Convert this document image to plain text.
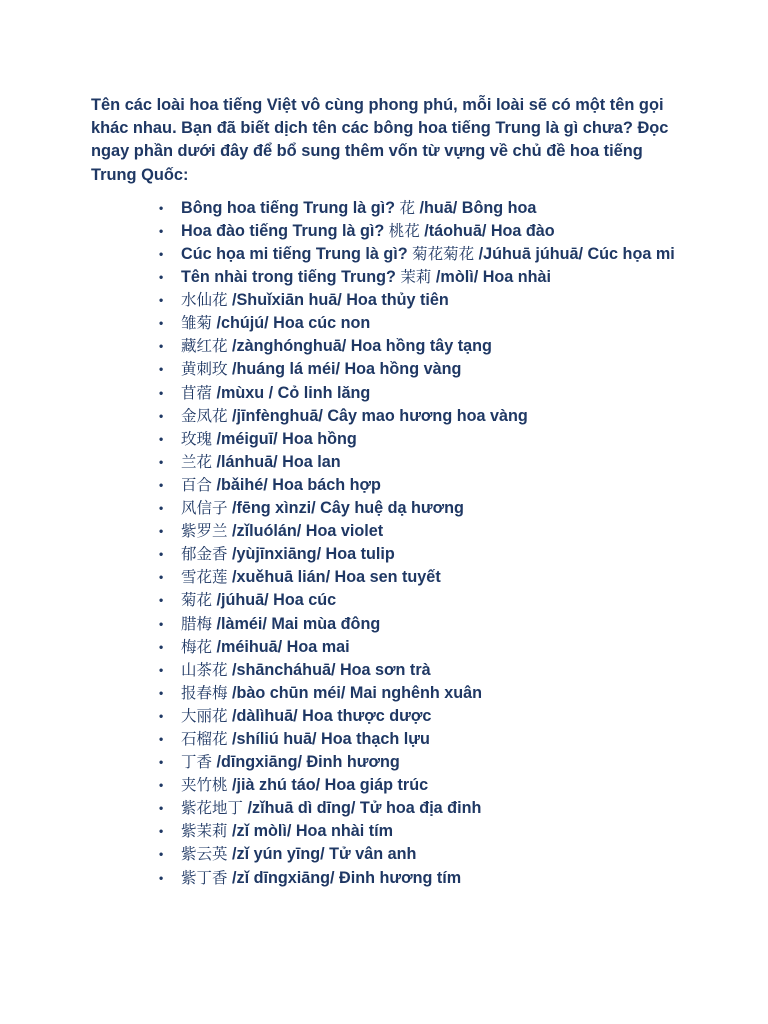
Tên các loài hoa tiếng Việt vô cùng phong phú, mỗi loài sẽ có một tên gọi khác nhau. Bạn đã biết dịch tên các bông hoa tiếng Trung là gì chưa? Đọc ngay phần dưới đây để bổ sung thêm vốn từ vựng về chủ đề hoa tiếng Trung Quốc:

• Bông hoa tiếng Trung là gì? 花 /huā/ Bông hoa
• Hoa đào tiếng Trung là gì? 桃花 /táohuā/ Hoa đào
• Cúc họa mi tiếng Trung là gì? 菊花菊花 /Júhuā júhuā/ Cúc họa mi
• Tên nhài trong tiếng Trung? 茉莉 /mòlì/ Hoa nhài
• 水仙花 /Shuǐxiān huā/ Hoa thủy tiên
• 雏菊 /chújú/ Hoa cúc non
• 藏红花 /zànghónghuā/ Hoa hồng tây tạng
• 黄刺玫 /huáng lá méi/ Hoa hồng vàng
• 苜蓿 /mùxu / Cỏ linh lăng
• 金凤花 /jīnfènghuā/ Cây mao hương hoa vàng
• 玫瑰 /méiguī/ Hoa hồng
• 兰花 /lánhuā/ Hoa lan
• 百合 /bǎihé/ Hoa bách hợp
• 风信子 /fēng xìnzi/ Cây huệ dạ hương
• 紫罗兰 /zǐluólán/ Hoa violet
• 郁金香 /yùjīnxiāng/ Hoa tulip
• 雪花莲 /xuěhuā lián/ Hoa sen tuyết
• 菊花 /júhuā/ Hoa cúc
• 腊梅 /làméi/ Mai mùa đông
• 梅花 /méihuā/ Hoa mai
• 山茶花 /shāncháhuā/ Hoa sơn trà
• 报春梅 /bào chūn méi/ Mai nghênh xuân
• 大丽花 /dàlìhuā/ Hoa thược dược
• 石榴花 /shíliú huā/ Hoa thạch lựu
• 丁香 /dīngxiāng/ Đinh hương
• 夹竹桃 /jià zhú táo/ Hoa giáp trúc
• 紫花地丁 /zǐhuā dì dīng/ Tử hoa địa đinh
• 紫茉莉 /zǐ mòlì/ Hoa nhài tím
• 紫云英 /zǐ yún yīng/ Tử vân anh
• 紫丁香 /zǐ dīngxiāng/ Đinh hương tím
